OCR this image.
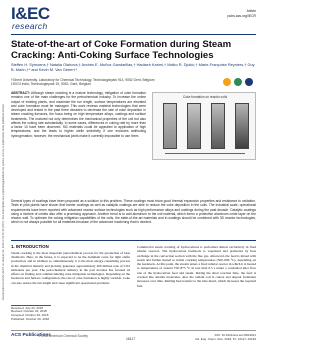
Downloaded via UNIV GENT on January 31, 2019 at 12:15:19 (UTC). See https://pubs.acs.org/sharingguidelines for options on how to legitimately share published articles.
I&EC
research
Article
pubs.acs.org/IECR
State-of-the-art of Coke Formation during Steam Cracking: Anti-Coking Surface Technologies
Steffen H. Symoens,† Natalia Olahova,† Andrés E. Muñoz Gandarillas,† Hadiseh Karimi,† Malko R. Djokic,† Marie-Françoise Reyniers,† Guy B. Marin,†* and Kevin M. Van Geem†*
†Ghent University, Laboratory for Chemical Technology, Technologiepark 914, 9052 Gent, Belgium
‡SVGI India, Technologiepark 19, 9052, Gent, Belgium
ABSTRACT: Although steam cracking is a mature technology, mitigation of coke formation remains one of the main challenges for the petrochemical industry. To increase the online output of existing plants, and maximize the run length, surface temperatures are elevated and coke formation must be managed. This work reviews material technologies that were developed and tested in the past three decades to decrease the rate of coke deposition in steam cracking furnaces, the focus being on high temperature alloys, coatings and surface treatments. The matured not only determines the mechanical properties of the coil but also affects the coking rate substantially. In some cases, differences in coking rate by more than a factor 10 have been observed. SiC materials could be appealed to application of high temperatures, and the leads to higher olefin selectivity if one excludes antifouling hydrogenation; however, the mechanical joints make it currently impossible to use them.
Coke formation on reactor coils
Several types of coatings have been proposed as a solution to this problem. These coatings must show good thermal expansion properties and resistance to oxidation. Tests in pilot plants have shown that barrier coatings as well as catalytic coatings are able to reduce the coke deposition in the coils. The industrial scale, operational requirements have been reported with advanced reactor surface technologies such as high performance alloys and coatings during the past decade. Catalytic coatings using a mixture of oxides also offer a promising approach. Another trend is to add aluminum to the coil material, which forms a protective aluminum oxide layer on the reactor wall. To optimize the coking mitigation capabilities of the coils, the state-of-the-art materials and in-coatings should be combined with 3D reactor technologies, which is not always possible for all materials because of the advanced machining that is needed.
1. INTRODUCTION
Steam cracking is the most important petrochemical process for the production of base chemicals. Here, in the future, it is expected to be the dominant route for light olefin production, and in addition to, simultaneously, it is the most energy-consuming process in the chemical industry and globally generates approximately 200 million tons of CO2 emissions per year. The petrochemical industry in the past decades has focused its efforts on finding and commercializing coke mitigation technologies. Depending on the feedstock and furnace configuration, the rate of coke formation is highly variable. Coke can also reduce the run length and cause significant operational problems.
Commercial steam cracking of hydrocarbons is performed almost exclusively in fired tubular reactors. The hydrocarbon feedstock is vaporized and preheated by heat exchange in the convection section with the flue gas. Afterward, the feed is mixed with steam and further heated to initial cracking temperatures (500–680 °C), depending on the feedstock. At this point, the stream enters a fired tubular reactor in which it is heated to temperatures of around 750–875 °C in less than 0.5 s under a controlled inlet flow rate of the hydrocarbon feed and steam. During the short reaction time, the feed is cracked into smaller molecules. Also the radiant coil is coked, and deposit formation increases over time, limiting heat transfer to the tube metal, which increases the required fuel.
Received: July 23, 2018
Revised: October 26, 2018
Accepted: October 29, 2018
Published: October 29, 2018
ACS Publications
© 2018 American Chemical Society
16117
DOI: 10.1021/acs.iecr.8b03221
Ind. Eng. Chem. Res. 2018, 57, 16117−16136
